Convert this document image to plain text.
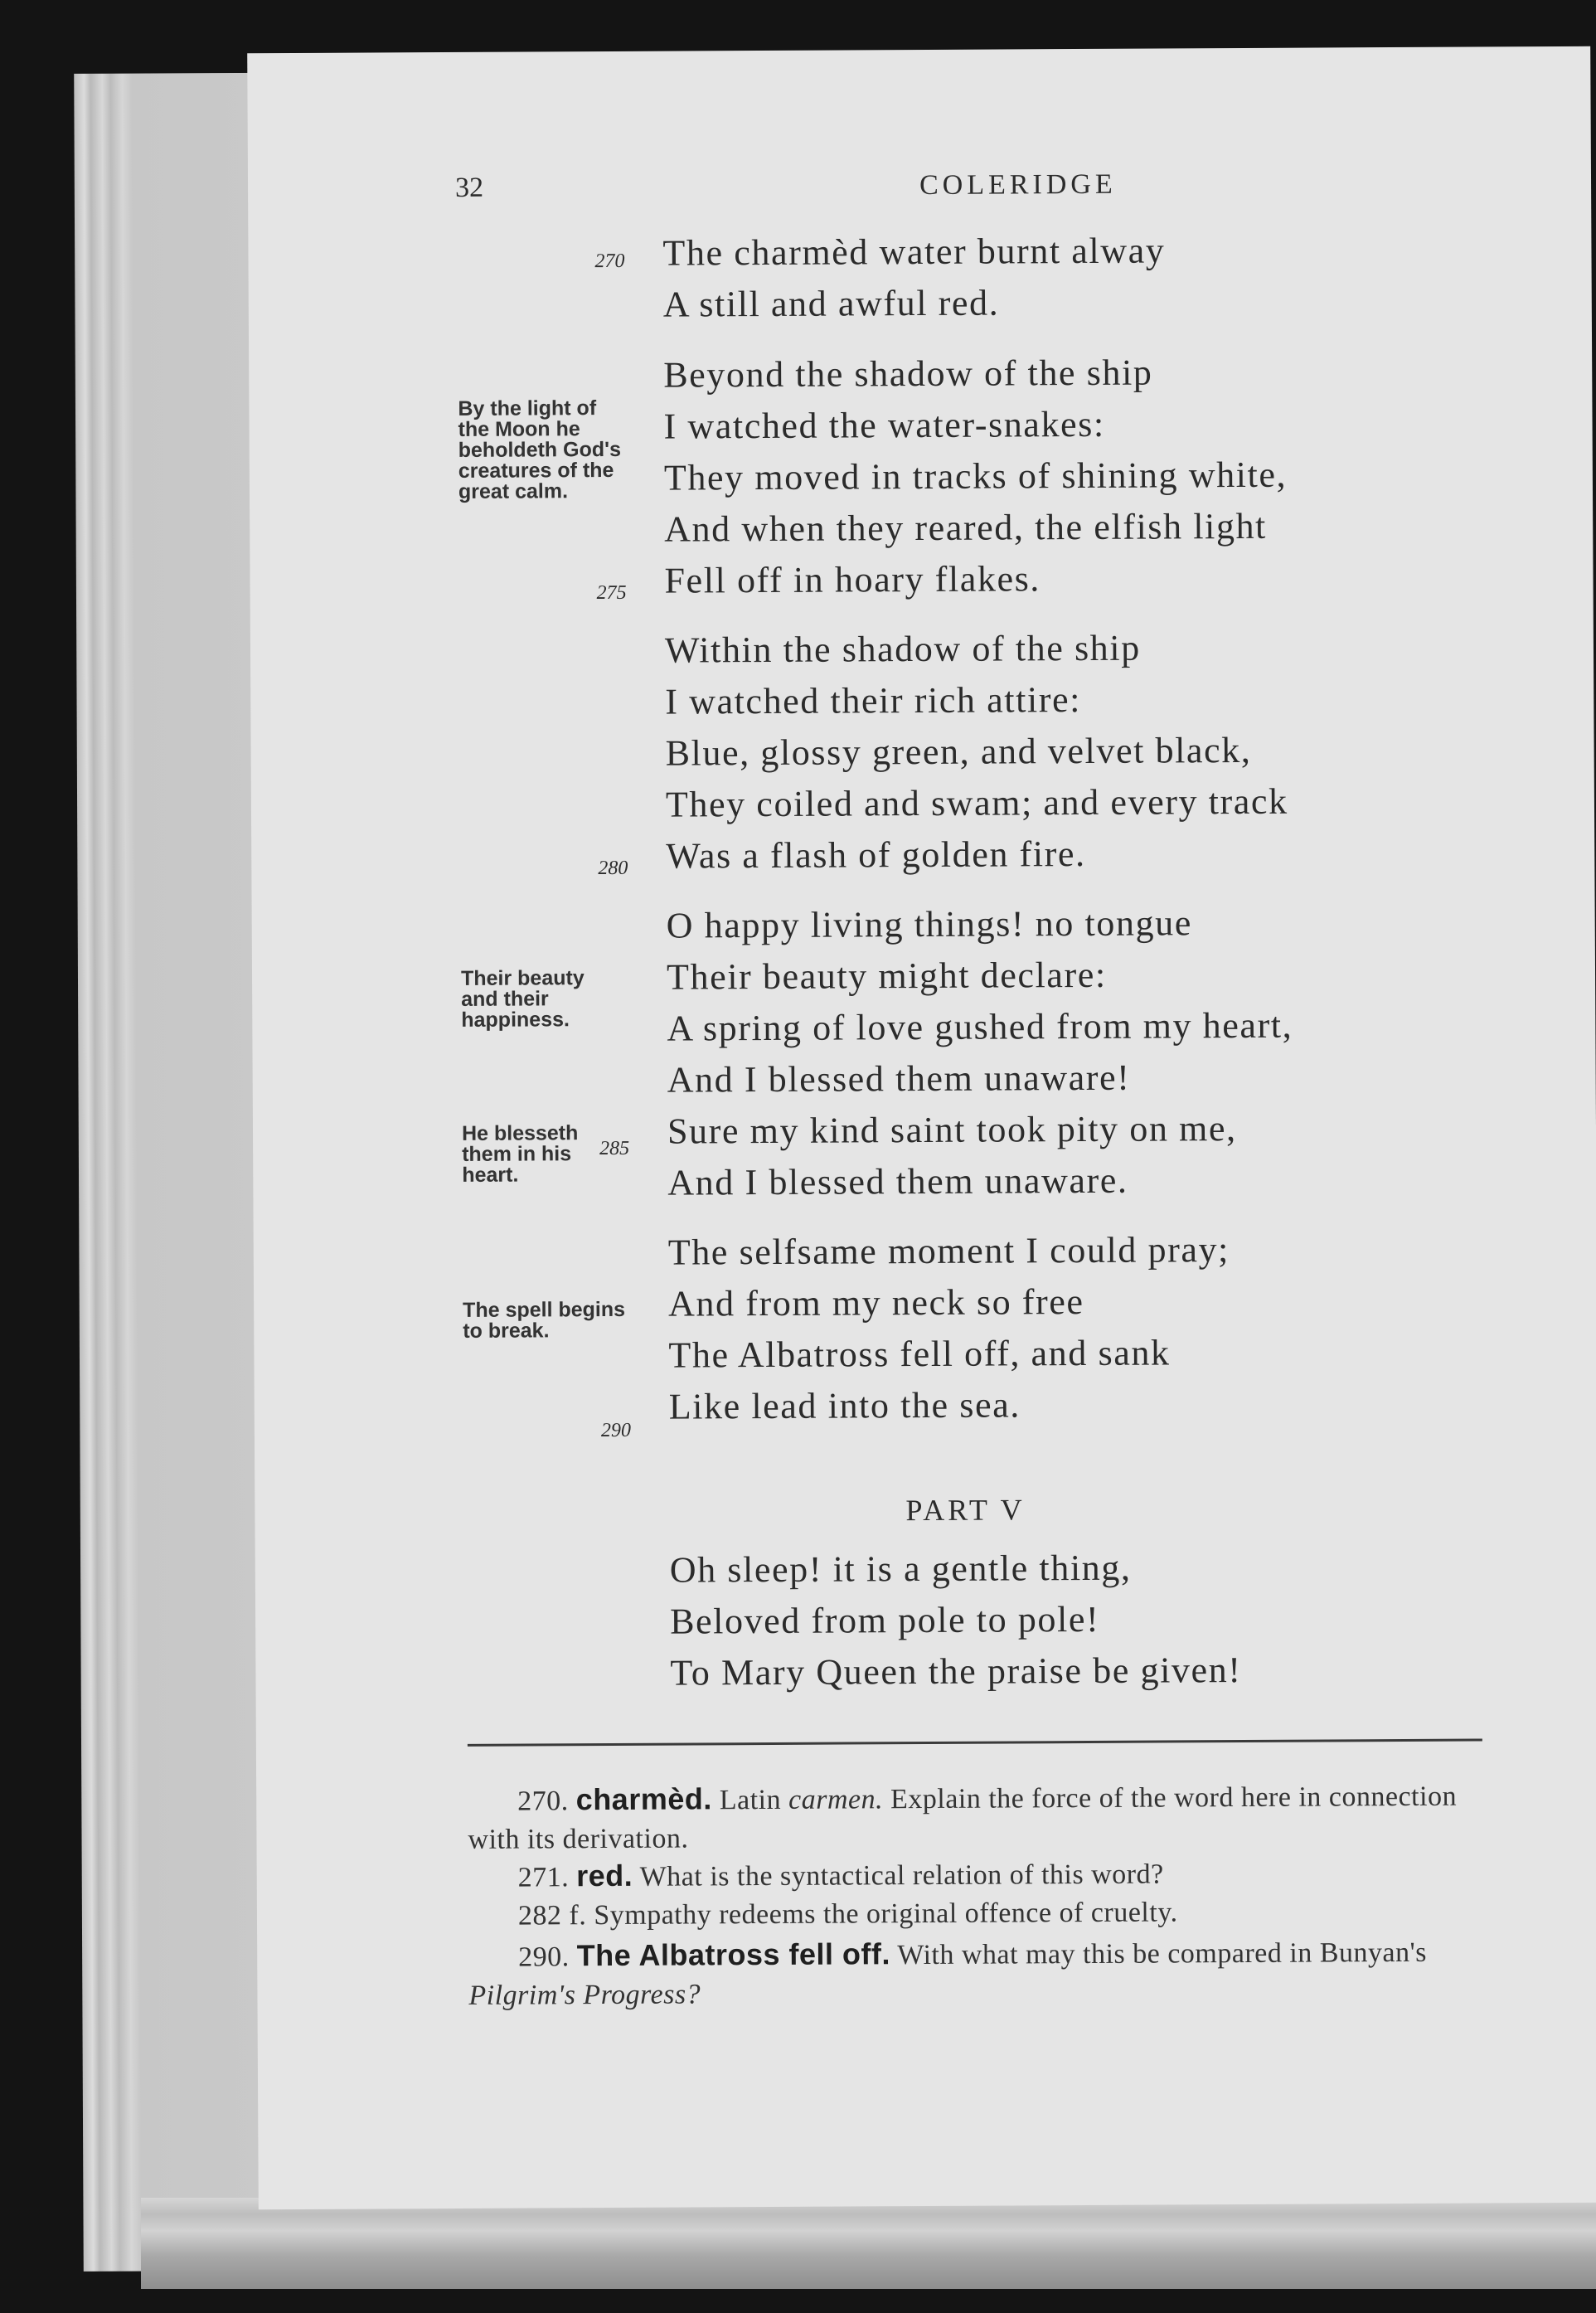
32	COLERIDGE
270
275
280
285
290
By the light of the Moon he beholdeth God's creatures of the great calm.
Their beauty and their happiness.
He blesseth them in his heart.
The spell begins to break.
The charmèd water burnt alway
A still and awful red.
Beyond the shadow of the ship
I watched the water-snakes:
They moved in tracks of shining white,
And when they reared, the elfish light
Fell off in hoary flakes.
Within the shadow of the ship
I watched their rich attire:
Blue, glossy green, and velvet black,
They coiled and swam; and every track
Was a flash of golden fire.
O happy living things! no tongue
Their beauty might declare:
A spring of love gushed from my heart,
And I blessed them unaware!
Sure my kind saint took pity on me,
And I blessed them unaware.
The selfsame moment I could pray;
And from my neck so free
The Albatross fell off, and sank
Like lead into the sea.
PART V
Oh sleep! it is a gentle thing,
Beloved from pole to pole!
To Mary Queen the praise be given!
270. charmèd. Latin carmen. Explain the force of the word here in connection with its derivation.
271. red. What is the syntactical relation of this word?
282 f. Sympathy redeems the original offence of cruelty.
290. The Albatross fell off. With what may this be compared in Bunyan's Pilgrim's Progress?
